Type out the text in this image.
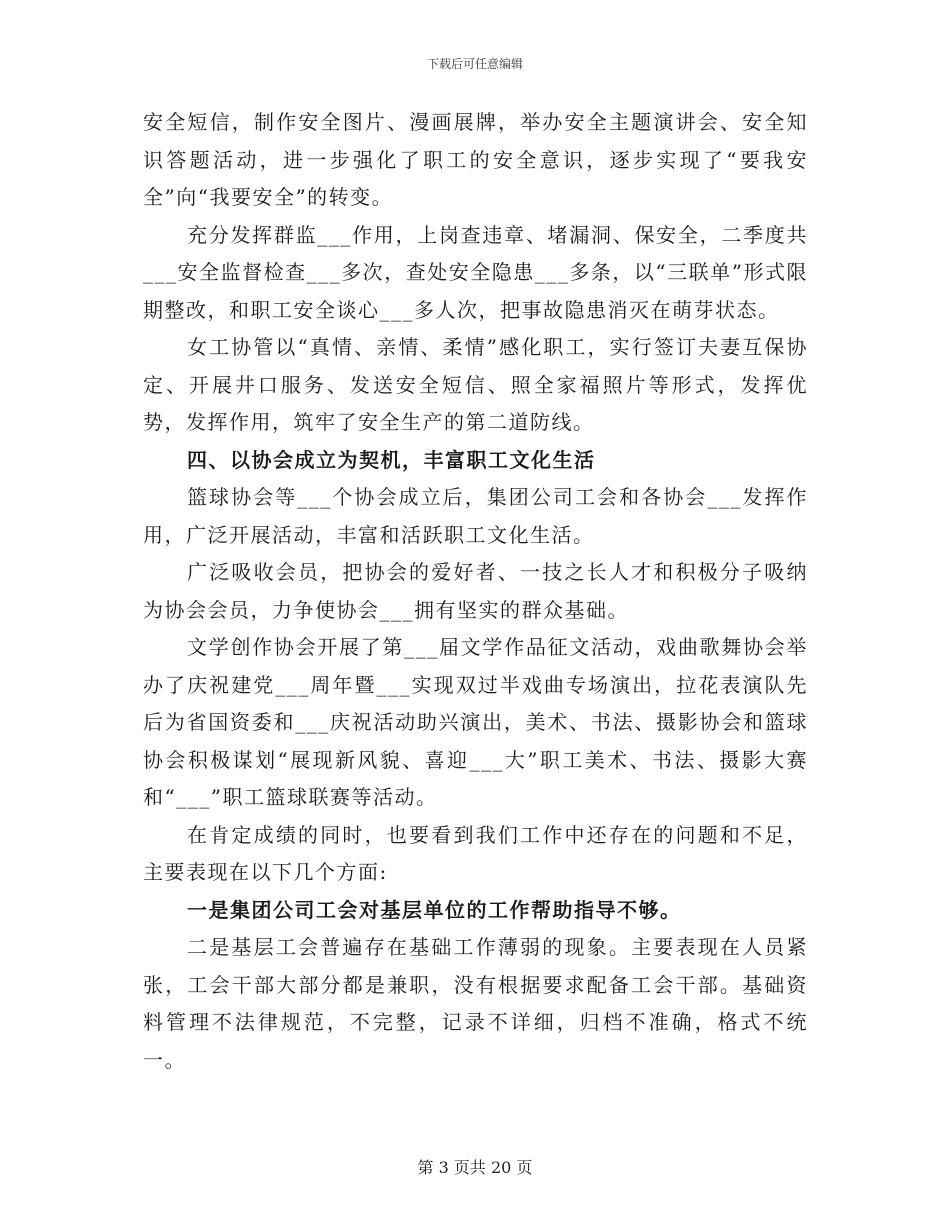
下载后可任意编辑

安全短信，制作安全图片、漫画展牌，举办安全主题演讲会、安全知识答题活动，进一步强化了职工的安全意识，逐步实现了“要我安全”向“我要安全”的转变。

充分发挥群监___作用，上岗查违章、堵漏洞、保安全，二季度共___安全监督检查___多次，查处安全隐患___多条，以“三联单”形式限期整改，和职工安全谈心___多人次，把事故隐患消灭在萌芽状态。

女工协管以“真情、亲情、柔情”感化职工，实行签订夫妻互保协定、开展井口服务、发送安全短信、照全家福照片等形式，发挥优势，发挥作用，筑牢了安全生产的第二道防线。

四、以协会成立为契机，丰富职工文化生活

篮球协会等___个协会成立后，集团公司工会和各协会___发挥作用，广泛开展活动，丰富和活跃职工文化生活。

广泛吸收会员，把协会的爱好者、一技之长人才和积极分子吸纳为协会会员，力争使协会___拥有坚实的群众基础。

文学创作协会开展了第___届文学作品征文活动，戏曲歌舞协会举办了庆祝建党___周年暨___实现双过半戏曲专场演出，拉花表演队先后为省国资委和___庆祝活动助兴演出，美术、书法、摄影协会和篮球协会积极谋划“展现新风貌、喜迎___大”职工美术、书法、摄影大赛和“___”职工篮球联赛等活动。

在肯定成绩的同时，也要看到我们工作中还存在的问题和不足，主要表现在以下几个方面:

一是集团公司工会对基层单位的工作帮助指导不够。

二是基层工会普遍存在基础工作薄弱的现象。主要表现在人员紧张，工会干部大部分都是兼职，没有根据要求配备工会干部。基础资料管理不法律规范，不完整，记录不详细，归档不准确，格式不统一。

第 3 页共 20 页
